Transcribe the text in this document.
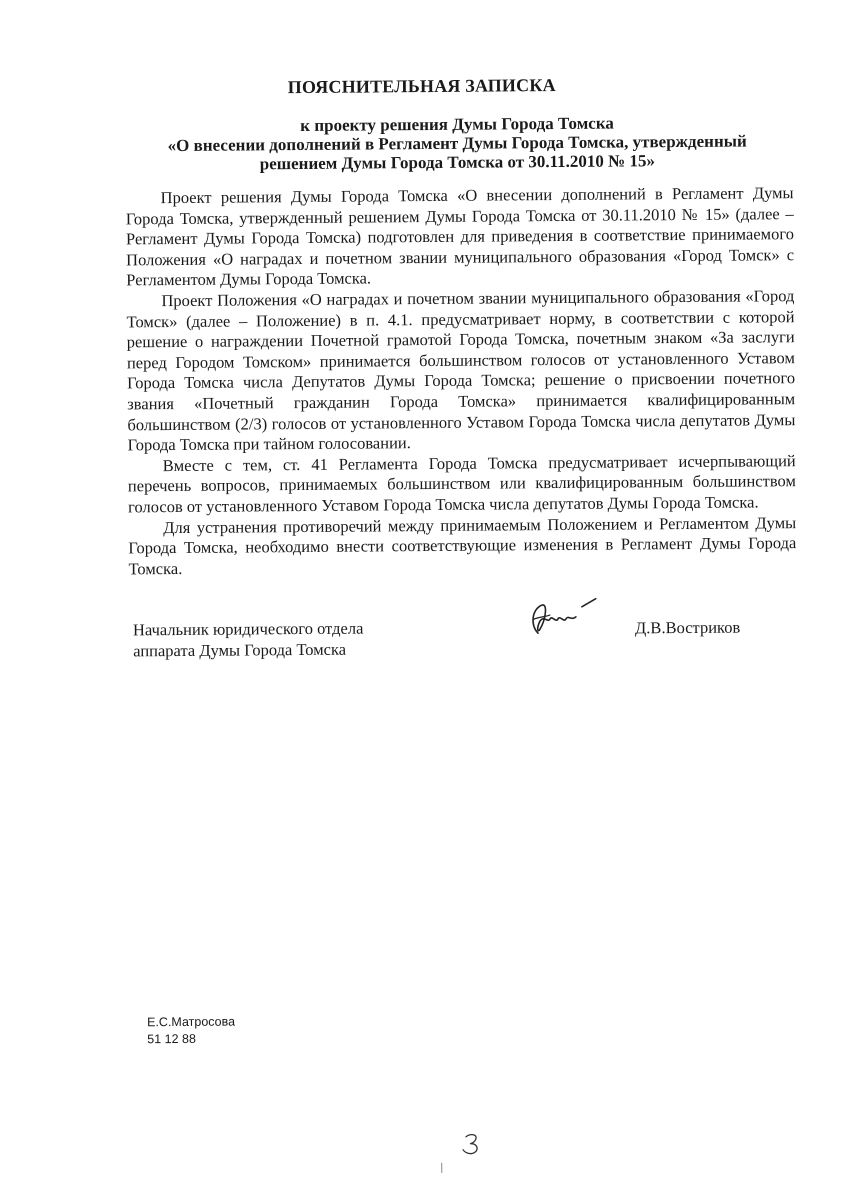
ПОЯСНИТЕЛЬНАЯ ЗАПИСКА
к проекту решения Думы Города Томска
«О внесении дополнений в Регламент Думы Города Томска, утвержденный
решением Думы Города Томска от 30.11.2010 № 15»

Проект решения Думы Города Томска «О внесении дополнений в Регламент Думы Города Томска, утвержденный решением Думы Города Томска от 30.11.2010 № 15» (далее – Регламент Думы Города Томска) подготовлен для приведения в соответствие принимаемого Положения «О наградах и почетном звании муниципального образования «Город Томск» с Регламентом Думы Города Томска.

Проект Положения «О наградах и почетном звании муниципального образования «Город Томск» (далее – Положение) в п. 4.1. предусматривает норму, в соответствии с которой решение о награждении Почетной грамотой Города Томска, почетным знаком «За заслуги перед Городом Томском» принимается большинством голосов от установленного Уставом Города Томска числа Депутатов Думы Города Томска; решение о присвоении почетного звания «Почетный гражданин Города Томска» принимается квалифицированным большинством (2/3) голосов от установленного Уставом Города Томска числа депутатов Думы Города Томска при тайном голосовании.

Вместе с тем, ст. 41 Регламента Города Томска предусматривает исчерпывающий перечень вопросов, принимаемых большинством или квалифицированным большинством голосов от установленного Уставом Города Томска числа депутатов Думы Города Томска.

Для устранения противоречий между принимаемым Положением и Регламентом Думы Города Томска, необходимо внести соответствующие изменения в Регламент Думы Города Томска.

Начальник юридического отдела
аппарата Думы Города Томска
Д.В.Востриков
Е.С.Матросова
51 12 88
